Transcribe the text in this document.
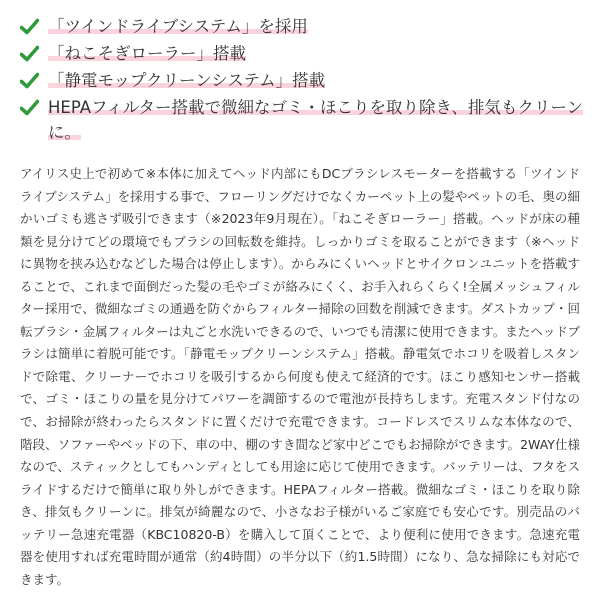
「ツインドライブシステム」を採用
「ねこそぎローラー」搭載
「静電モップクリーンシステム」搭載
HEPAフィルター搭載で微細なゴミ・ほこりを取り除き、排気もクリーンに。

アイリス史上で初めて※本体に加えてヘッド内部にもDCブラシレスモーターを搭載する「ツインドライブシステム」を採用する事で、フローリングだけでなくカーペット上の髪やペットの毛、奥の細かいゴミも逃さず吸引できます（※2023年9月現在）。「ねこそぎローラー」搭載。ヘッドが床の種類を見分けてどの環境でもブラシの回転数を維持。しっかりゴミを取ることができます（※ヘッドに異物を挟み込むなどした場合は停止します）。からみにくいヘッドとサイクロンユニットを搭載することで、これまで面倒だった髪の毛やゴミが絡みにくく、お手入れらくらく!全属メッシュフィルター採用で、微細なゴミの通過を防ぐからフィルター掃除の回数を削減できます。ダストカップ・回転ブラシ・金属フィルターは丸ごと水洗いできるので、いつでも清潔に使用できます。またヘッドブラシは簡単に着脱可能です。「静電モップクリーンシステム」搭載。静電気でホコリを吸着しスタンドで除電、クリーナーでホコリを吸引するから何度も使えて経済的です。ほこり感知センサー搭載で、ゴミ・ほこりの量を見分けてパワーを調節するので電池が長持ちします。充電スタンド付なので、お掃除が終わったらスタンドに置くだけで充電できます。コードレスでスリムな本体なので、階段、ソファーやベッドの下、車の中、棚のすき間など家中どこでもお掃除ができます。2WAY仕様なので、スティックとしてもハンディとしても用途に応じて使用できます。バッテリーは、フタをスライドするだけで簡単に取り外しができます。HEPAフィルター搭載。微細なゴミ・ほこりを取り除き、排気もクリーンに。排気が綺麗なので、小さなお子様がいるご家庭でも安心です。別売品のバッテリー急速充電器（KBC10820-B）を購入して頂くことで、より便利に使用できます。急速充電器を使用すれば充電時間が通常（約4時間）の半分以下（約1.5時間）になり、急な掃除にも対応できます。
